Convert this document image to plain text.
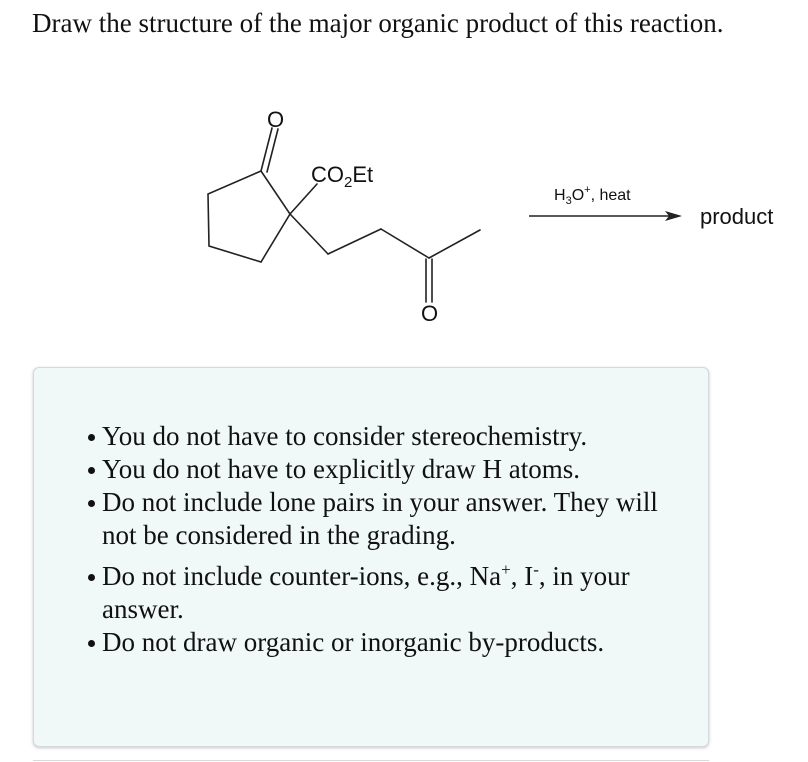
Draw the structure of the major organic product of this reaction.
O
$CO_2Et$
O
$H_3O^+$, heat
product
You do not have to consider stereochemistry.
You do not have to explicitly draw H atoms.
Do not include lone pairs in your answer. They will not be considered in the grading.
Do not include counter-ions, e.g., Na+, I-, in your answer.
Do not draw organic or inorganic by-products.
